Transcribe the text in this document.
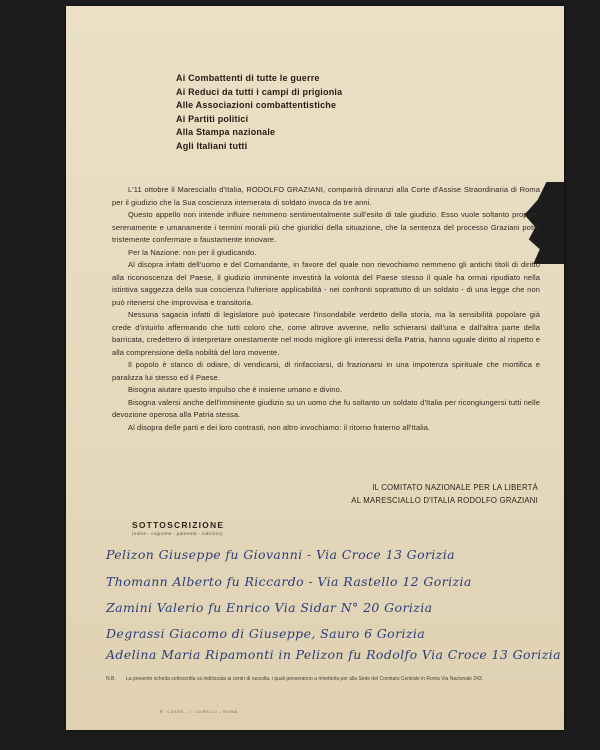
Ai Combattenti di tutte le guerre
Ai Reduci da tutti i campi di prigionia
Alle Associazioni combattentistiche
Ai Partiti politici
Alla Stampa nazionale
Agli Italiani tutti

L'11 ottobre il Maresciallo d'Italia, RODOLFO GRAZIANI, comparirà dinnanzi alla Corte d'Assise Straordinaria di Roma per il giudizio che la Sua coscienza intemerata di soldato invoca da tre anni.

Questo appello non intende influire nemmeno sentimentalmente sull'esito di tale giudizio. Esso vuole soltanto proporvi serenamente e umanamente i termini morali più che giuridici della situazione, che la sentenza del processo Graziani potrà tristemente confermare o faustamente innovare.

Per la Nazione: non per il giudicando.

Al disopra infatti dell'uomo e del Comandante, in favore del quale non rievochiamo nemmeno gli antichi titoli di diritto alla riconoscenza del Paese, il giudizio imminente investirà la volontà del Paese stesso il quale ha ormai ripudiato nella istintiva saggezza della sua coscienza l'ulteriore applicabilità - nei confronti soprattutto di un soldato - di una legge che non può ritenersi che improvvisa e transitoria.

Nessuna sagacia infatti di legislatore può ipotecare l'insondabile verdetto della storia, ma la sensibilità popolare già crede d'intuirlo affermando che tutti coloro che, come altrove avvenne, nello schierarsi dall'una e dall'altra parte della barricata, credettero di interpretare onestamente nel modo migliore gli interessi della Patria, hanno uguale diritto al rispetto e alla comprensione della nobiltà del loro movente.

Il popolo è stanco di odiare, di vendicarsi, di rinfacciarsi, di frazionarsi in una impotenza spirituale che mortifica e paralizza lui stesso ed il Paese.

Bisogna aiutare questo impulso che è insieme umano e divino.

Bisogna valersi anche dell'imminente giudizio su un uomo che fu soltanto un soldato d'Italia per ricongiungersi tutti nelle devozione operosa alla Patria stessa.

Al disopra delle parti e dei loro contrasti, non altro invochiamo: il ritorno fraterno all'Italia.

IL COMITATO NAZIONALE PER LA LIBERTÀ
AL MARESCIALLO D'ITALIA RODOLFO GRAZIANI
SOTTOSCRIZIONE
(nome - cognome - paternità - indirizzo)

Pelizon Giuseppe fu Giovanni - Via Croce 13 Gorizia

Thomann Alberto fu Riccardo - Via Rastello 12 Gorizia

Zamini Valerio fu Enrico Via Sidar N° 20 Gorizia

Degrassi Giacomo di Giuseppe, Sauro 6 Gorizia

Adelina Maria Ripamonti in Pelizon fu Rodolfo Via Croce 13 Gorizia

N.B. La presente scheda sottoscritta va indirizzata ai centri di raccolta, i quali penseranno a rimetterla per alla Sede del Comitato Centrale in Roma Via Nazionale 243.
R. CASSE - I. CORELLI - ROMA
